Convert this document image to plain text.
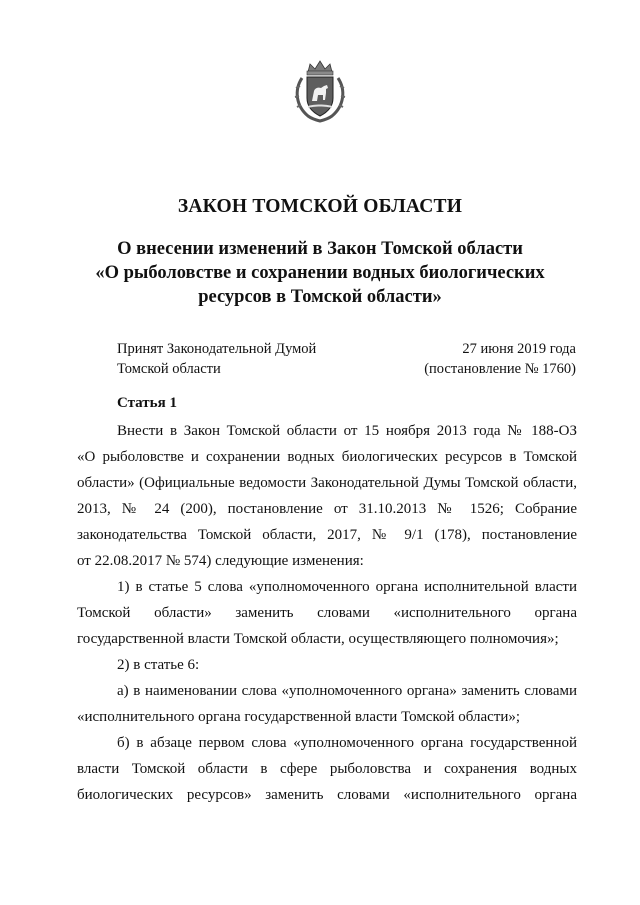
ЗАКОН ТОМСКОЙ ОБЛАСТИ
О внесении изменений в Закон Томской области
«О рыболовстве и сохранении водных биологических
ресурсов в Томской области»
Принят Законодательной Думой
Томской области
27 июня 2019 года
(постановление № 1760)
Статья 1
Внести в Закон Томской области от 15 ноября 2013 года № 188-ОЗ
«О рыболовстве и сохранении водных биологических ресурсов в Томской
области» (Официальные ведомости Законодательной Думы Томской области,
2013, № 24 (200), постановление от 31.10.2013 № 1526; Собрание
законодательства Томской области, 2017, № 9/1 (178), постановление
от 22.08.2017 № 574) следующие изменения:
1) в статье 5 слова «уполномоченного органа исполнительной власти
Томской области» заменить словами «исполнительного органа
государственной власти Томской области, осуществляющего полномочия»;
2) в статье 6:
а) в наименовании слова «уполномоченного органа» заменить словами
«исполнительного органа государственной власти Томской области»;
б) в абзаце первом слова «уполномоченного органа государственной
власти Томской области в сфере рыболовства и сохранения водных
биологических ресурсов» заменить словами «исполнительного органа
